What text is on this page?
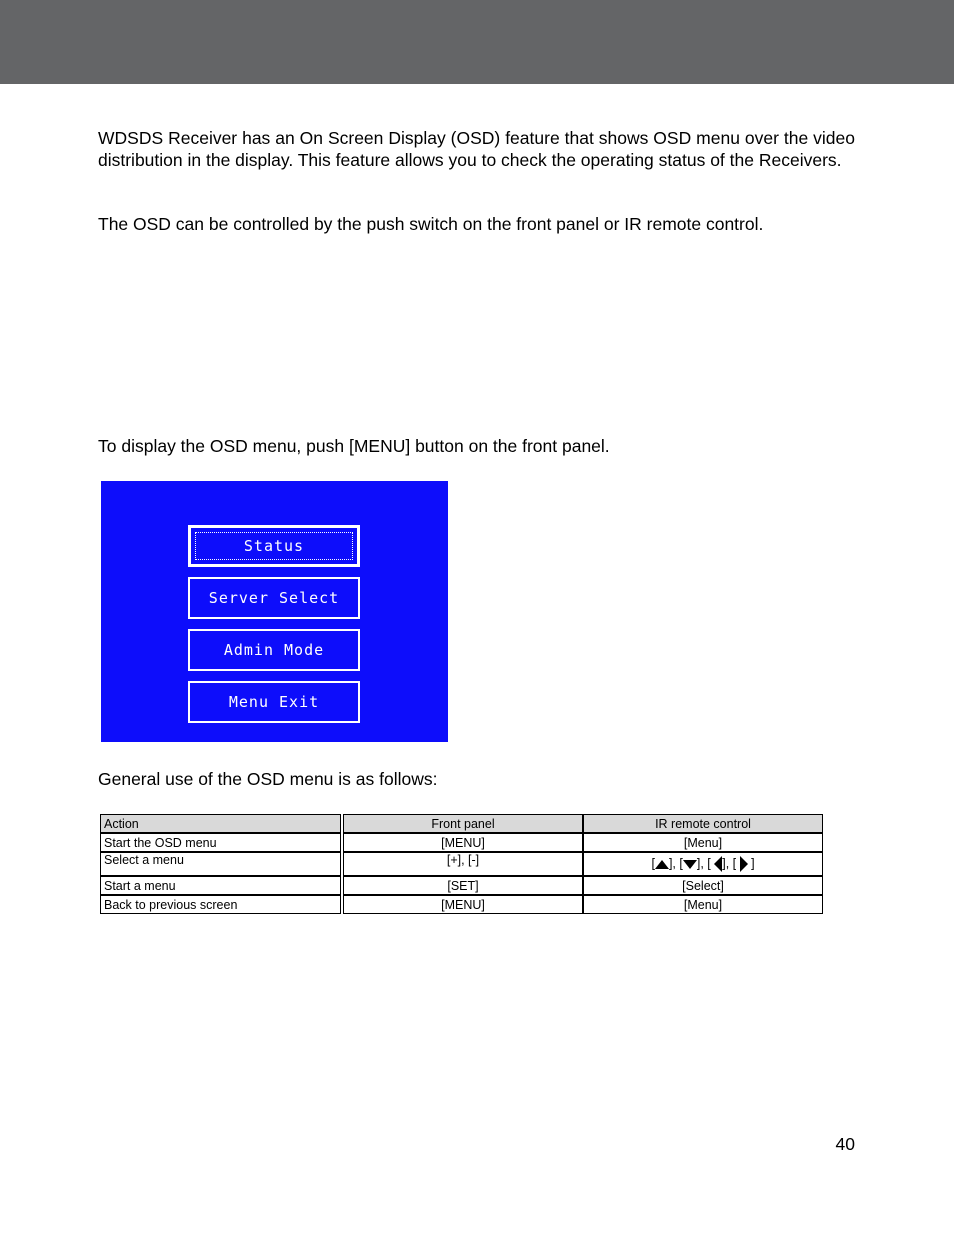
WDSDS Receiver has an On Screen Display (OSD) feature that shows OSD menu over the video distribution in the display. This feature allows you to check the operating status of the Receivers.

The OSD can be controlled by the push switch on the front panel or IR remote control.

To display the OSD menu, push [MENU] button on the front panel.

Status
Server Select
Admin Mode
Menu Exit

General use of the OSD menu is as follows:

Action		Front panel	IR remote control
Start the OSD menu		[MENU]	[Menu]
Select a menu		[+], [-]	[ ], [ ], [ ], [  ]
Start a menu		[SET]	[Select]
Back to previous screen		[MENU]	[Menu]
40
